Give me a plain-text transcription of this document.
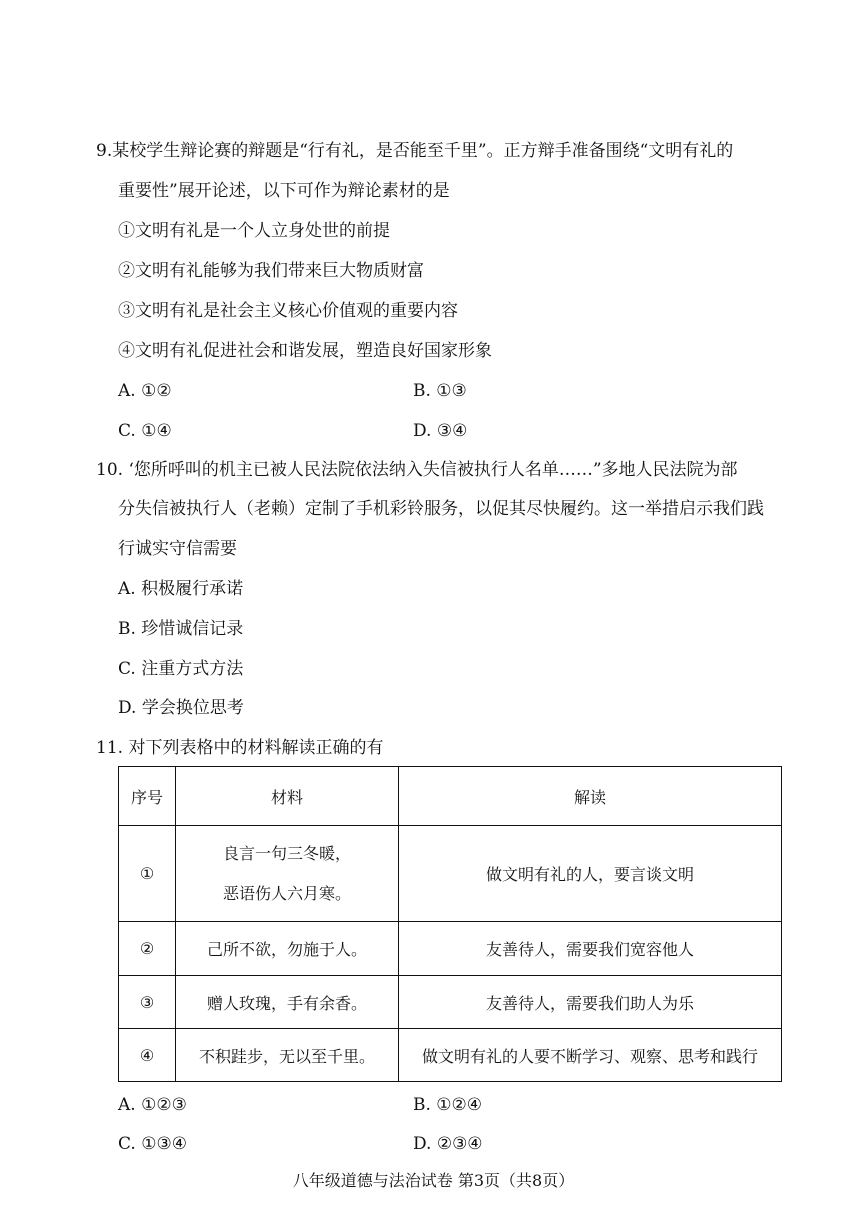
9.某校学生辩论赛的辩题是“行有礼，是否能至千里”。正方辩手准备围绕“文明有礼的
重要性”展开论述，以下可作为辩论素材的是
①文明有礼是一个人立身处世的前提
②文明有礼能够为我们带来巨大物质财富
③文明有礼是社会主义核心价值观的重要内容
④文明有礼促进社会和谐发展，塑造良好国家形象
A. ①②	B. ①③
C. ①④	D. ③④
10. ‘您所呼叫的机主已被人民法院依法纳入失信被执行人名单……”多地人民法院为部
分失信被执行人（老赖）定制了手机彩铃服务，以促其尽快履约。这一举措启示我们践
行诚实守信需要
A. 积极履行承诺
B. 珍惜诚信记录
C. 注重方式方法
D. 学会换位思考
11. 对下列表格中的材料解读正确的有
序号	材料	解读
①	良言一句三冬暖，
恶语伤人六月寒。	做文明有礼的人，要言谈文明
②	己所不欲，勿施于人。	友善待人，需要我们宽容他人
③	赠人玫瑰，手有余香。	友善待人，需要我们助人为乐
④	不积跬步，无以至千里。	做文明有礼的人要不断学习、观察、思考和践行
A. ①②③	B. ①②④
C. ①③④	D. ②③④
八年级道德与法治试卷 第3页（共8页）
